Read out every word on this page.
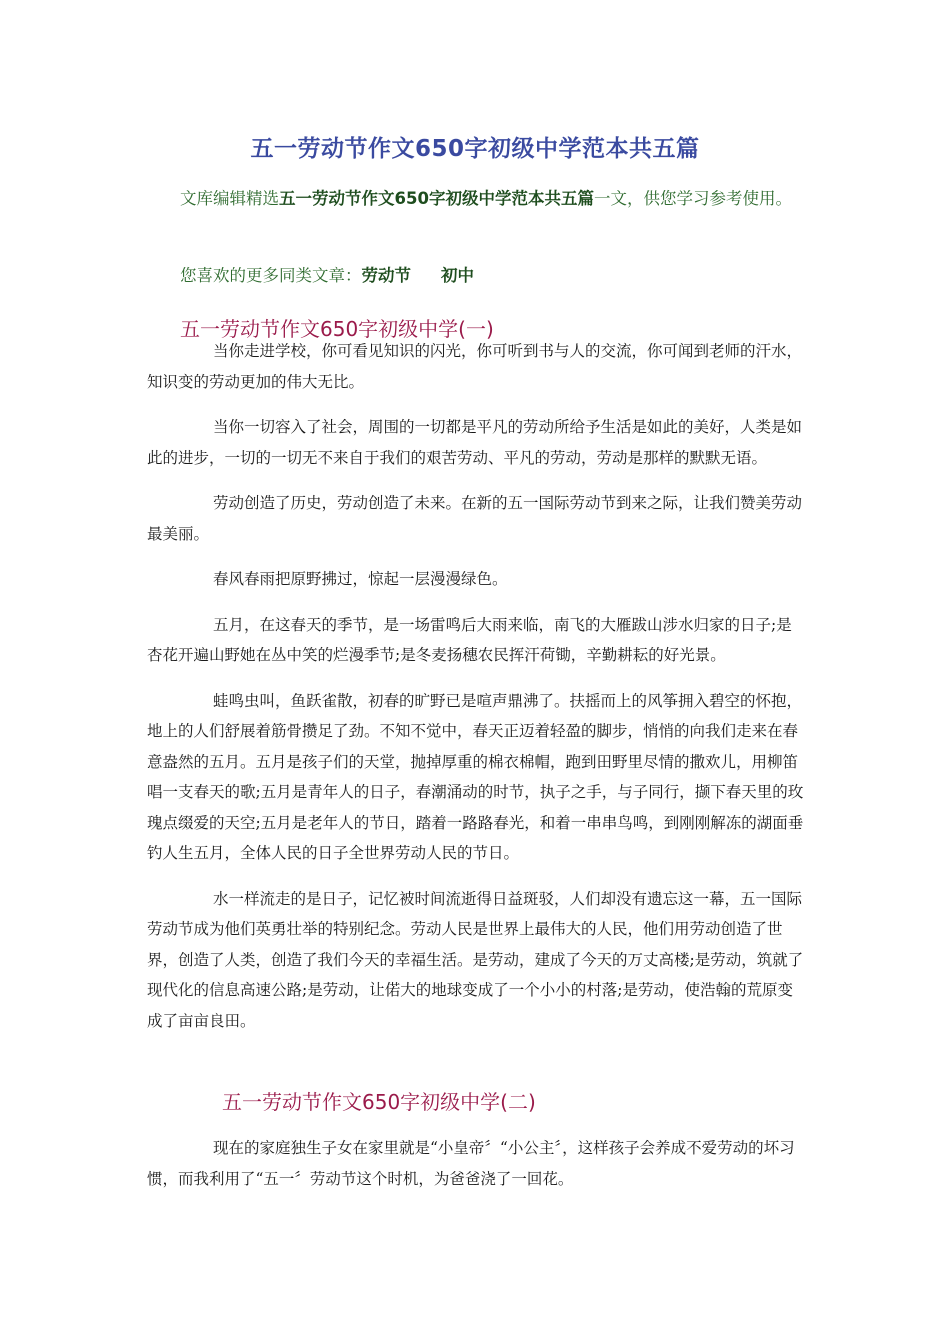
五一劳动节作文650字初级中学范本共五篇
文库编辑精选五一劳动节作文650字初级中学范本共五篇一文，供您学习参考使用。
您喜欢的更多同类文章：劳动节 初中
五一劳动节作文650字初级中学(一)

当你走进学校，你可看见知识的闪光，你可听到书与人的交流，你可闻到老师的汗水，知识变的劳动更加的伟大无比。

当你一切容入了社会，周围的一切都是平凡的劳动所给予生活是如此的美好，人类是如此的进步，一切的一切无不来自于我们的艰苦劳动、平凡的劳动，劳动是那样的默默无语。

劳动创造了历史，劳动创造了未来。在新的五一国际劳动节到来之际，让我们赞美劳动最美丽。

春风春雨把原野拂过，惊起一层漫漫绿色。

五月，在这春天的季节，是一场雷鸣后大雨来临，南飞的大雁跋山涉水归家的日子;是杏花开遍山野她在丛中笑的烂漫季节;是冬麦扬穗农民挥汗荷锄，辛勤耕耘的好光景。

蛙鸣虫叫，鱼跃雀散，初春的旷野已是喧声鼎沸了。扶摇而上的风筝拥入碧空的怀抱，地上的人们舒展着筋骨攒足了劲。不知不觉中，春天正迈着轻盈的脚步，悄悄的向我们走来在春意盎然的五月。五月是孩子们的天堂，抛掉厚重的棉衣棉帽，跑到田野里尽情的撒欢儿，用柳笛唱一支春天的歌;五月是青年人的日子，春潮涌动的时节，执子之手，与子同行，撷下春天里的玫瑰点缀爱的天空;五月是老年人的节日，踏着一路路春光，和着一串串鸟鸣，到刚刚解冻的湖面垂钓人生五月，全体人民的日子全世界劳动人民的节日。

水一样流走的是日子，记忆被时间流逝得日益斑驳，人们却没有遗忘这一幕，五一国际劳动节成为他们英勇壮举的特别纪念。劳动人民是世界上最伟大的人民，他们用劳动创造了世界，创造了人类，创造了我们今天的幸福生活。是劳动，建成了今天的万丈高楼;是劳动，筑就了现代化的信息高速公路;是劳动，让偌大的地球变成了一个小小的村落;是劳动，使浩翰的荒原变成了亩亩良田。

五一劳动节作文650字初级中学(二)

现在的家庭独生子女在家里就是“小皇帝〞“小公主〞，这样孩子会养成不爱劳动的坏习惯，而我利用了“五一〞劳动节这个时机，为爸爸浇了一回花。
